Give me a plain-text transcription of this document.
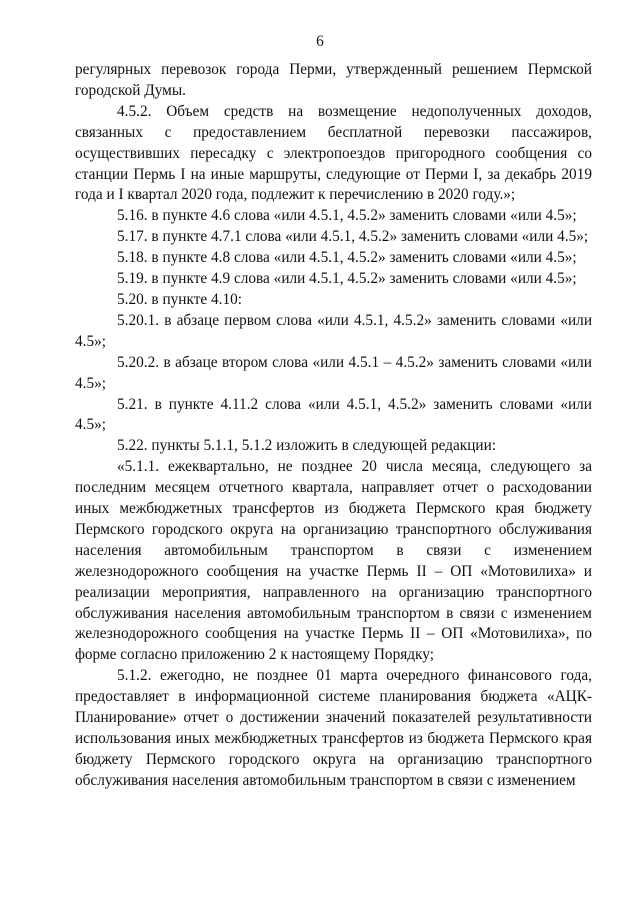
6

регулярных перевозок города Перми, утвержденный решением Пермской городской Думы.

4.5.2. Объем средств на возмещение недополученных доходов, связанных с предоставлением бесплатной перевозки пассажиров, осуществивших пересадку с электропоездов пригородного сообщения со станции Пермь I на иные маршруты, следующие от Перми I, за декабрь 2019 года и I квартал 2020 года, подлежит к перечислению в 2020 году.»;

5.16. в пункте 4.6 слова «или 4.5.1, 4.5.2» заменить словами «или 4.5»;

5.17. в пункте 4.7.1 слова «или 4.5.1, 4.5.2» заменить словами «или 4.5»;

5.18. в пункте 4.8 слова «или 4.5.1, 4.5.2» заменить словами «или 4.5»;

5.19. в пункте 4.9 слова «или 4.5.1, 4.5.2» заменить словами «или 4.5»;

5.20. в пункте 4.10:

5.20.1. в абзаце первом слова «или 4.5.1, 4.5.2» заменить словами «или 4.5»;

5.20.2. в абзаце втором слова «или 4.5.1 – 4.5.2» заменить словами «или 4.5»;

5.21. в пункте 4.11.2 слова «или 4.5.1, 4.5.2» заменить словами «или 4.5»;

5.22. пункты 5.1.1, 5.1.2 изложить в следующей редакции:

«5.1.1. ежеквартально, не позднее 20 числа месяца, следующего за последним месяцем отчетного квартала, направляет отчет о расходовании иных межбюджетных трансфертов из бюджета Пермского края бюджету Пермского городского округа на организацию транспортного обслуживания населения автомобильным транспортом в связи с изменением железнодорожного сообщения на участке Пермь II – ОП «Мотовилиха» и реализации мероприятия, направленного на организацию транспортного обслуживания населения автомобильным транспортом в связи с изменением железнодорожного сообщения на участке Пермь II – ОП «Мотовилиха», по форме согласно приложению 2 к настоящему Порядку;

5.1.2. ежегодно, не позднее 01 марта очередного финансового года, предоставляет в информационной системе планирования бюджета «АЦК-Планирование» отчет о достижении значений показателей результативности использования иных межбюджетных трансфертов из бюджета Пермского края бюджету Пермского городского округа на организацию транспортного обслуживания населения автомобильным транспортом в связи с изменением
